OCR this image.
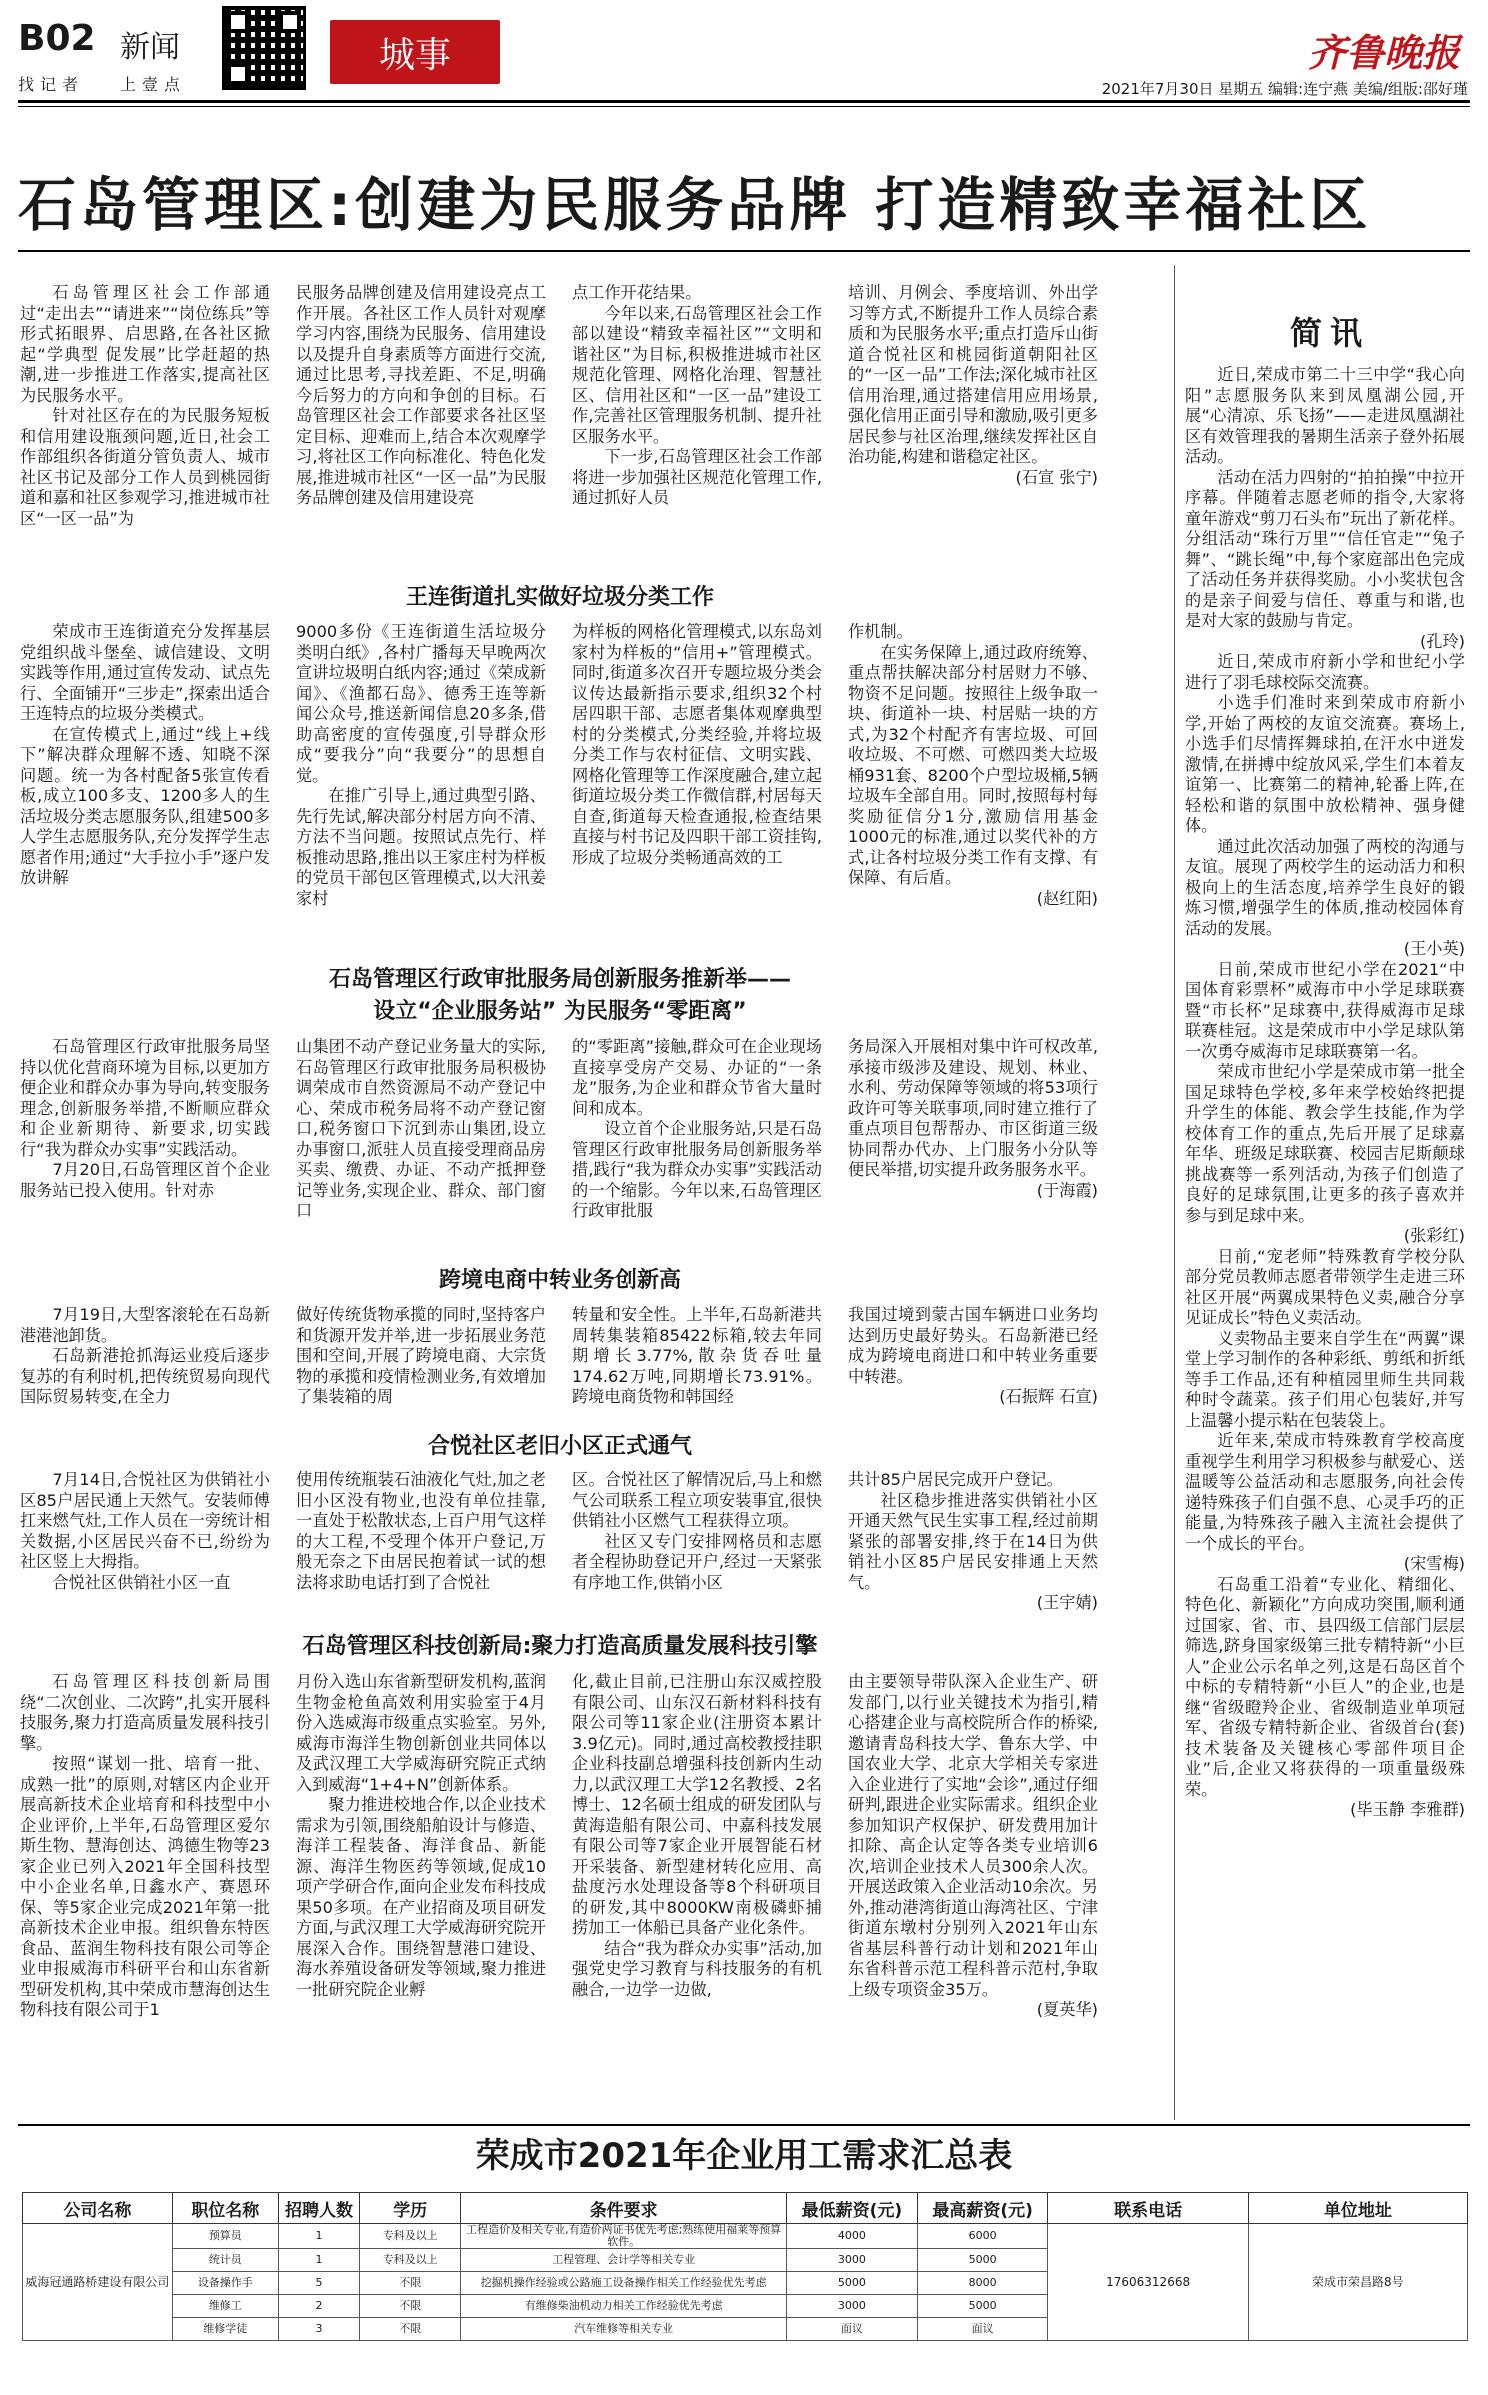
B02 新闻
找记者 上壹点
城事	齐鲁晚报
2021年7月30日 星期五 编辑:连宁燕 美编/组版:邵好瑾
石岛管理区:创建为民服务品牌 打造精致幸福社区

石岛管理区社会工作部通过“走出去”“请进来”“岗位练兵”等形式拓眼界、启思路,在各社区掀起“学典型 促发展”比学赶超的热潮,进一步推进工作落实,提高社区为民服务水平。

针对社区存在的为民服务短板和信用建设瓶颈问题,近日,社会工作部组织各街道分管负责人、城市社区书记及部分工作人员到桃园街道和嘉和社区参观学习,推进城市社区“一区一品”为

民服务品牌创建及信用建设亮点工作开展。各社区工作人员针对观摩学习内容,围绕为民服务、信用建设以及提升自身素质等方面进行交流,通过比思考,寻找差距、不足,明确今后努力的方向和争创的目标。石岛管理区社会工作部要求各社区坚定目标、迎难而上,结合本次观摩学习,将社区工作向标准化、特色化发展,推进城市社区“一区一品”为民服务品牌创建及信用建设亮

点工作开花结果。

今年以来,石岛管理区社会工作部以建设“精致幸福社区”“文明和谐社区”为目标,积极推进城市社区规范化管理、网格化治理、智慧社区、信用社区和“一区一品”建设工作,完善社区管理服务机制、提升社区服务水平。

下一步,石岛管理区社会工作部将进一步加强社区规范化管理工作,通过抓好人员

培训、月例会、季度培训、外出学习等方式,不断提升工作人员综合素质和为民服务水平;重点打造斥山街道合悦社区和桃园街道朝阳社区的“一区一品”工作法;深化城市社区信用治理,通过搭建信用应用场景,强化信用正面引导和激励,吸引更多居民参与社区治理,继续发挥社区自治功能,构建和谐稳定社区。

(石宣 张宁)
王连街道扎实做好垃圾分类工作

荣成市王连街道充分发挥基层党组织战斗堡垒、诚信建设、文明实践等作用,通过宣传发动、试点先行、全面铺开“三步走”,探索出适合王连特点的垃圾分类模式。

在宣传模式上,通过“线上+线下”解决群众理解不透、知晓不深问题。统一为各村配备5张宣传看板,成立100多支、1200多人的生活垃圾分类志愿服务队,组建500多人学生志愿服务队,充分发挥学生志愿者作用;通过“大手拉小手”逐户发放讲解

9000多份《王连街道生活垃圾分类明白纸》,各村广播每天早晚两次宣讲垃圾明白纸内容;通过《荣成新闻》、《渔都石岛》、德秀王连等新闻公众号,推送新闻信息20多条,借助高密度的宣传强度,引导群众形成“要我分”向“我要分”的思想自觉。

在推广引导上,通过典型引路、先行先试,解决部分村居方向不清、方法不当问题。按照试点先行、样板推动思路,推出以王家庄村为样板的党员干部包区管理模式,以大汛姜家村

为样板的网格化管理模式,以东岛刘家村为样板的“信用+”管理模式。同时,街道多次召开专题垃圾分类会议传达最新指示要求,组织32个村居四职干部、志愿者集体观摩典型村的分类模式,分类经验,并将垃圾分类工作与农村征信、文明实践、网格化管理等工作深度融合,建立起街道垃圾分类工作微信群,村居每天自查,街道每天检查通报,检查结果直接与村书记及四职干部工资挂钩,形成了垃圾分类畅通高效的工

作机制。

在实务保障上,通过政府统筹、重点帮扶解决部分村居财力不够、物资不足问题。按照往上级争取一块、街道补一块、村居贴一块的方式,为32个村配齐有害垃圾、可回收垃圾、不可燃、可燃四类大垃圾桶931套、8200个户型垃圾桶,5辆垃圾车全部自用。同时,按照每村每奖励征信分1分,激励信用基金1000元的标准,通过以奖代补的方式,让各村垃圾分类工作有支撑、有保障、有后盾。

(赵红阳)
石岛管理区行政审批服务局创新服务推新举——
设立“企业服务站” 为民服务“零距离”

石岛管理区行政审批服务局坚持以优化营商环境为目标,以更加方便企业和群众办事为导向,转变服务理念,创新服务举措,不断顺应群众和企业新期待、新要求,切实践行“我为群众办实事”实践活动。

7月20日,石岛管理区首个企业服务站已投入使用。针对赤

山集团不动产登记业务量大的实际,石岛管理区行政审批服务局积极协调荣成市自然资源局不动产登记中心、荣成市税务局将不动产登记窗口,税务窗口下沉到赤山集团,设立办事窗口,派驻人员直接受理商品房买卖、缴费、办证、不动产抵押登记等业务,实现企业、群众、部门窗口

的“零距离”接触,群众可在企业现场直接享受房产交易、办证的“一条龙”服务,为企业和群众节省大量时间和成本。

设立首个企业服务站,只是石岛管理区行政审批服务局创新服务举措,践行“我为群众办实事”实践活动的一个缩影。今年以来,石岛管理区行政审批服

务局深入开展相对集中许可权改革,承接市级涉及建设、规划、林业、水利、劳动保障等领域的将53项行政许可等关联事项,同时建立推行了重点项目包帮帮办、市区街道三级协同帮办代办、上门服务小分队等便民举措,切实提升政务服务水平。

(于海霞)
跨境电商中转业务创新高

7月19日,大型客滚轮在石岛新港港池卸货。

石岛新港抢抓海运业疫后逐步复苏的有利时机,把传统贸易向现代国际贸易转变,在全力

做好传统货物承揽的同时,坚持客户和货源开发并举,进一步拓展业务范围和空间,开展了跨境电商、大宗货物的承揽和疫情检测业务,有效增加了集装箱的周

转量和安全性。上半年,石岛新港共周转集装箱85422标箱,较去年同期增长3.77%,散杂货吞吐量174.62万吨,同期增长73.91%。跨境电商货物和韩国经

我国过境到蒙古国车辆进口业务均达到历史最好势头。石岛新港已经成为跨境电商进口和中转业务重要中转港。

(石振辉 石宣)
合悦社区老旧小区正式通气

7月14日,合悦社区为供销社小区85户居民通上天然气。安装师傅扛来燃气灶,工作人员在一旁统计相关数据,小区居民兴奋不已,纷纷为社区竖上大拇指。

合悦社区供销社小区一直

使用传统瓶装石油液化气灶,加之老旧小区没有物业,也没有单位挂靠,一直处于松散状态,上百户用气这样的大工程,不受理个体开户登记,万般无奈之下由居民抱着试一试的想法将求助电话打到了合悦社

区。合悦社区了解情况后,马上和燃气公司联系工程立项安装事宜,很快供销社小区燃气工程获得立项。

社区又专门安排网格员和志愿者全程协助登记开户,经过一天紧张有序地工作,供销小区

共计85户居民完成开户登记。

社区稳步推进落实供销社小区开通天然气民生实事工程,经过前期紧张的部署安排,终于在14日为供销社小区85户居民安排通上天然气。

(王宇婧)
石岛管理区科技创新局:聚力打造高质量发展科技引擎

石岛管理区科技创新局围绕“二次创业、二次跨”,扎实开展科技服务,聚力打造高质量发展科技引擎。

按照“谋划一批、培育一批、成熟一批”的原则,对辖区内企业开展高新技术企业培育和科技型中小企业评价,上半年,石岛管理区爱尔斯生物、慧海创达、鸿德生物等23家企业已列入2021年全国科技型中小企业名单,日鑫水产、赛恩环保、等5家企业完成2021年第一批高新技术企业申报。组织鲁东特医食品、蓝润生物科技有限公司等企业申报威海市科研平台和山东省新型研发机构,其中荣成市慧海创达生物科技有限公司于1

月份入选山东省新型研发机构,蓝润生物金枪鱼高效利用实验室于4月份入选威海市级重点实验室。另外,威海市海洋生物创新创业共同体以及武汉理工大学威海研究院正式纳入到威海“1+4+N”创新体系。

聚力推进校地合作,以企业技术需求为引领,围绕船舶设计与修造、海洋工程装备、海洋食品、新能源、海洋生物医药等领域,促成10项产学研合作,面向企业发布科技成果50多项。在产业招商及项目研发方面,与武汉理工大学威海研究院开展深入合作。围绕智慧港口建设、海水养殖设备研发等领域,聚力推进一批研究院企业孵

化,截止目前,已注册山东汉威控股有限公司、山东汉石新材料科技有限公司等11家企业(注册资本累计3.9亿元)。同时,通过高校教授挂职企业科技副总增强科技创新内生动力,以武汉理工大学12名教授、2名博士、12名硕士组成的研发团队与黄海造船有限公司、中嘉科技发展有限公司等7家企业开展智能石材开采装备、新型建材转化应用、高盐度污水处理设备等8个科研项目的研发,其中8000KW南极磷虾捕捞加工一体船已具备产业化条件。

结合“我为群众办实事”活动,加强党史学习教育与科技服务的有机融合,一边学一边做,

由主要领导带队深入企业生产、研发部门,以行业关键技术为指引,精心搭建企业与高校院所合作的桥梁,邀请青岛科技大学、鲁东大学、中国农业大学、北京大学相关专家进入企业进行了实地“会诊”,通过仔细研判,跟进企业实际需求。组织企业参加知识产权保护、研发费用加计扣除、高企认定等各类专业培训6次,培训企业技术人员300余人次。开展送政策入企业活动10余次。另外,推动港湾街道山海湾社区、宁津街道东墩村分别列入2021年山东省基层科普行动计划和2021年山东省科普示范工程科普示范村,争取上级专项资金35万。

(夏英华)
简讯

近日,荣成市第二十三中学“我心向阳”志愿服务队来到凤凰湖公园,开展“心清凉、乐飞扬”——走进凤凰湖社区有效管理我的暑期生活亲子登外拓展活动。

活动在活力四射的“拍拍操”中拉开序幕。伴随着志愿老师的指令,大家将童年游戏“剪刀石头布”玩出了新花样。分组活动“珠行万里”“信任官走”“兔子舞”、“跳长绳”中,每个家庭部出色完成了活动任务并获得奖励。小小奖状包含的是亲子间爱与信任、尊重与和谐,也是对大家的鼓励与肯定。

(孔玲)

近日,荣成市府新小学和世纪小学进行了羽毛球校际交流赛。

小选手们准时来到荣成市府新小学,开始了两校的友谊交流赛。赛场上,小选手们尽情挥舞球拍,在汗水中迸发激情,在拼搏中绽放风采,学生们本着友谊第一、比赛第二的精神,轮番上阵,在轻松和谐的氛围中放松精神、强身健体。

通过此次活动加强了两校的沟通与友谊。展现了两校学生的运动活力和积极向上的生活态度,培养学生良好的锻炼习惯,增强学生的体质,推动校园体育活动的发展。

(王小英)

日前,荣成市世纪小学在2021“中国体育彩票杯”威海市中小学足球联赛暨“市长杯”足球赛中,获得威海市足球联赛桂冠。这是荣成市中小学足球队第一次勇夺威海市足球联赛第一名。

荣成市世纪小学是荣成市第一批全国足球特色学校,多年来学校始终把提升学生的体能、教会学生技能,作为学校体育工作的重点,先后开展了足球嘉年华、班级足球联赛、校园吉尼斯颠球挑战赛等一系列活动,为孩子们创造了良好的足球氛围,让更多的孩子喜欢并参与到足球中来。

(张彩红)

日前,“宠老师”特殊教育学校分队部分党员教师志愿者带领学生走进三环社区开展“两翼成果特色义卖,融合分享见证成长”特色义卖活动。

义卖物品主要来自学生在“两翼”课堂上学习制作的各种彩纸、剪纸和折纸等手工作品,还有种植园里师生共同栽种时令蔬菜。孩子们用心包装好,并写上温馨小提示粘在包装袋上。

近年来,荣成市特殊教育学校高度重视学生利用学习积极参与献爱心、送温暖等公益活动和志愿服务,向社会传递特殊孩子们自强不息、心灵手巧的正能量,为特殊孩子融入主流社会提供了一个成长的平台。

(宋雪梅)

石岛重工沿着“专业化、精细化、特色化、新颖化”方向成功突围,顺利通过国家、省、市、县四级工信部门层层筛选,跻身国家级第三批专精特新“小巨人”企业公示名单之列,这是石岛区首个中标的专精特新“小巨人”的企业,也是继“省级瞪羚企业、省级制造业单项冠军、省级专精特新企业、省级首台(套)技术装备及关键核心零部件项目企业”后,企业又将获得的一项重量级殊荣。

(毕玉静 李雅群)
荣成市2021年企业用工需求汇总表
公司名称	职位名称	招聘人数	学历	条件要求	最低薪资(元)	最高薪资(元)	联系电话	单位地址
威海冠通路桥建设有限公司	预算员	1	专科及以上	工程造价及相关专业,有造价两证书优先考虑;熟练使用福莱等预算软件。	4000	6000	17606312668	荣成市荣昌路8号
	统计员	1	专科及以上	工程管理、会计学等相关专业	3000	5000		
	设备操作手	5	不限	挖掘机操作经验或公路施工设备操作相关工作经验优先考虑	5000	8000		
	维修工	2	不限	有维修柴油机动力相关工作经验优先考虑	3000	5000		
	维修学徒	3	不限	汽车维修等相关专业	面议	面议		
